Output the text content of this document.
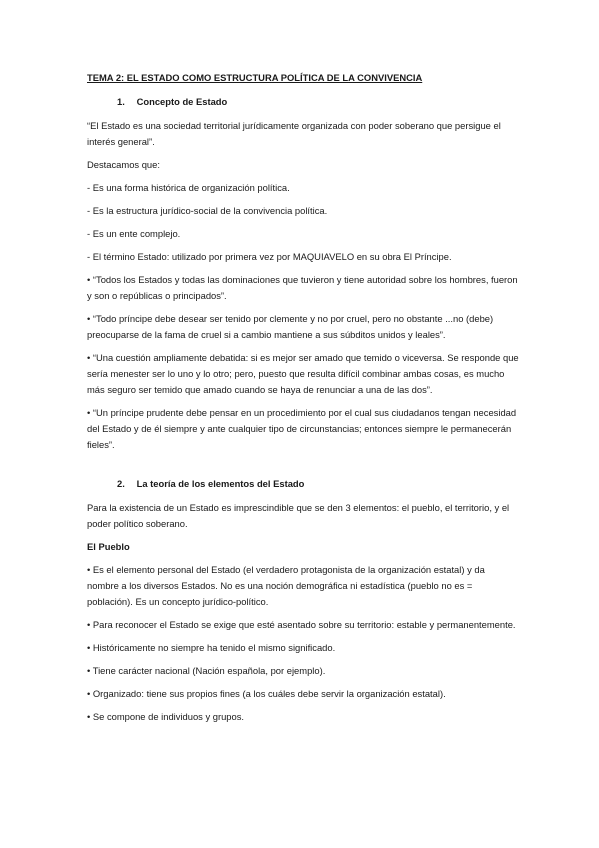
TEMA 2: EL ESTADO COMO ESTRUCTURA POLÍTICA DE LA CONVIVENCIA
1. Concepto de Estado
“El Estado es una sociedad territorial jurídicamente organizada con poder soberano que persigue el interés general”.
Destacamos que:
- Es una forma histórica de organización política.
- Es la estructura jurídico-social de la convivencia política.
- Es un ente complejo.
- El término Estado: utilizado por primera vez por MAQUIAVELO en su obra El Príncipe.
• “Todos los Estados y todas las dominaciones que tuvieron y tiene autoridad sobre los hombres, fueron y son o repúblicas o principados”.
• “Todo príncipe debe desear ser tenido por clemente y no por cruel, pero no obstante ...no (debe) preocuparse de la fama de cruel si a cambio mantiene a sus súbditos unidos y leales”.
• “Una cuestión ampliamente debatida: si es mejor ser amado que temido o viceversa. Se responde que sería menester ser lo uno y lo otro; pero, puesto que resulta difícil combinar ambas cosas, es mucho más seguro ser temido que amado cuando se haya de renunciar a una de las dos”.
• “Un príncipe prudente debe pensar en un procedimiento por el cual sus ciudadanos tengan necesidad del Estado y de él siempre y ante cualquier tipo de circunstancias; entonces siempre le permanecerán fieles”.
2. La teoría de los elementos del Estado
Para la existencia de un Estado es imprescindible que se den 3 elementos: el pueblo, el territorio, y el poder político soberano.
El Pueblo
• Es el elemento personal del Estado (el verdadero protagonista de la organización estatal) y da nombre a los diversos Estados. No es una noción demográfica ni estadística (pueblo no es = población). Es un concepto jurídico-político.
• Para reconocer el Estado se exige que esté asentado sobre su territorio: estable y permanentemente.
• Históricamente no siempre ha tenido el mismo significado.
• Tiene carácter nacional (Nación española, por ejemplo).
• Organizado: tiene sus propios fines (a los cuáles debe servir la organización estatal).
• Se compone de individuos y grupos.
